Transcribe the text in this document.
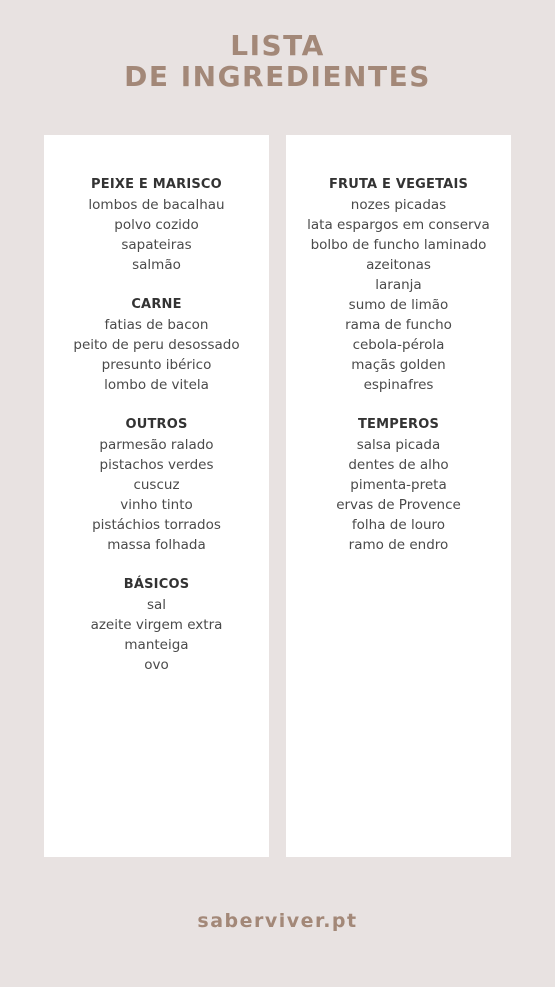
LISTA
DE INGREDIENTES
PEIXE E MARISCO
lombos de bacalhau
polvo cozido
sapateiras
salmão
CARNE
fatias de bacon
peito de peru desossado
presunto ibérico
lombo de vitela
OUTROS
parmesão ralado
pistachos verdes
cuscuz
vinho tinto
pistáchios torrados
massa folhada
BÁSICOS
sal
azeite virgem extra
manteiga
ovo
FRUTA E VEGETAIS
nozes picadas
lata espargos em conserva
bolbo de funcho laminado
azeitonas
laranja
sumo de limão
rama de funcho
cebola-pérola
maçãs golden
espinafres
TEMPEROS
salsa picada
dentes de alho
pimenta-preta
ervas de Provence
folha de louro
ramo de endro
saberviver.pt
